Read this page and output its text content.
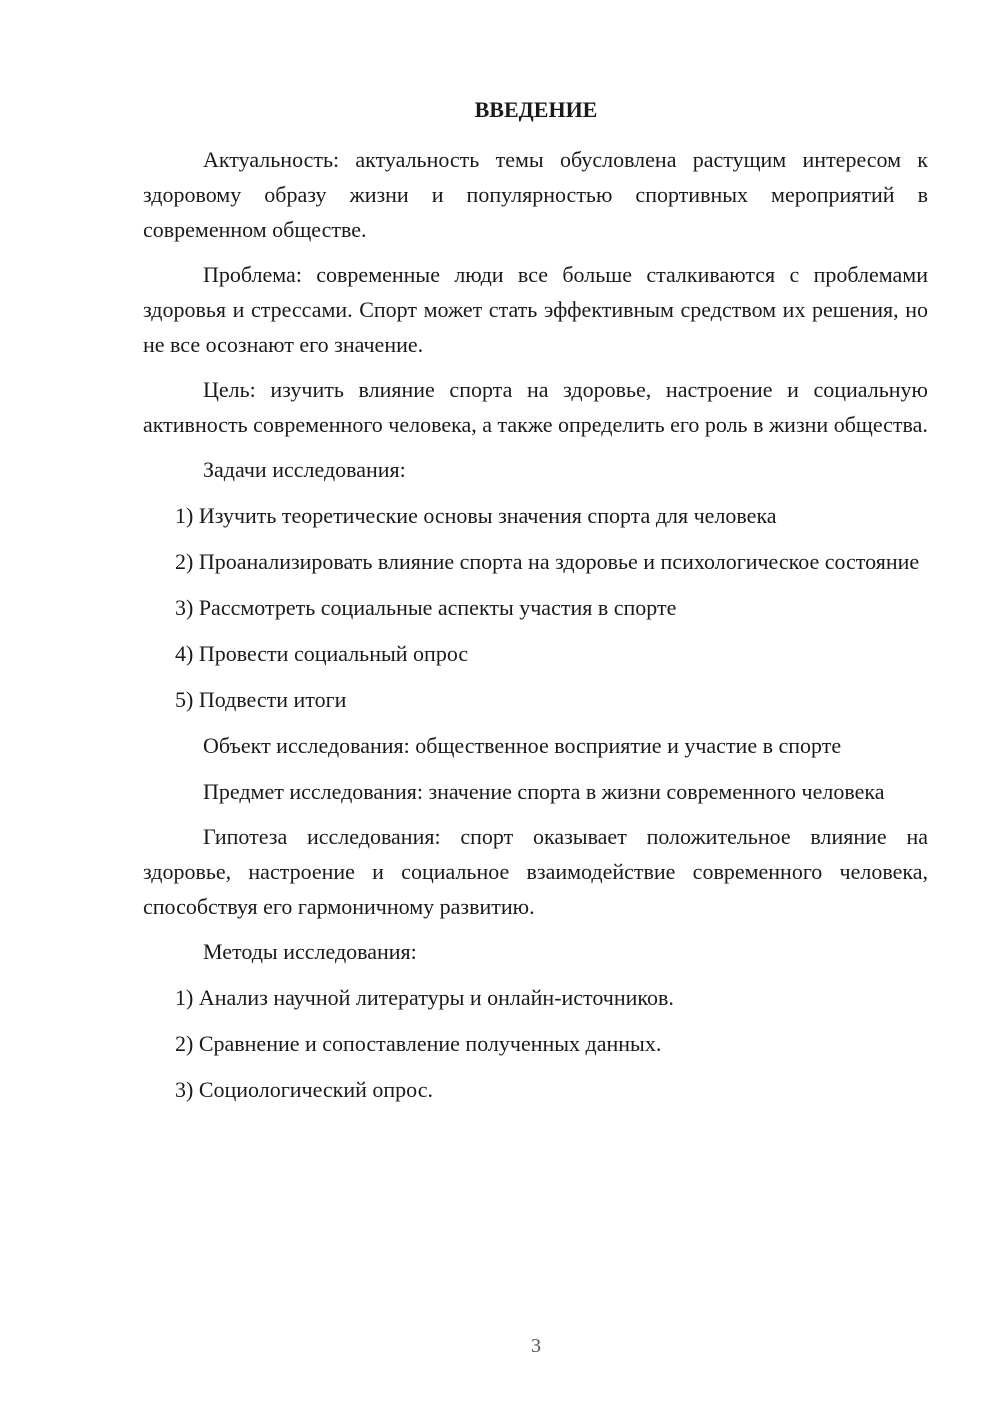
ВВЕДЕНИЕ

Актуальность: актуальность темы обусловлена растущим интересом к здоровому образу жизни и популярностью спортивных мероприятий в современном обществе.

Проблема: современные люди все больше сталкиваются с проблемами здоровья и стрессами. Спорт может стать эффективным средством их решения, но не все осознают его значение.

Цель: изучить влияние спорта на здоровье, настроение и социальную активность современного человека, а также определить его роль в жизни общества.

Задачи исследования:

1) Изучить теоретические основы значения спорта для человека

2) Проанализировать влияние спорта на здоровье и психологическое состояние

3) Рассмотреть социальные аспекты участия в спорте

4) Провести социальный опрос

5) Подвести итоги

Объект исследования: общественное восприятие и участие в спорте

Предмет исследования: значение спорта в жизни современного человека

Гипотеза исследования: спорт оказывает положительное влияние на здоровье, настроение и социальное взаимодействие современного человека, способствуя его гармоничному развитию.

Методы исследования:

1) Анализ научной литературы и онлайн-источников.

2) Сравнение и сопоставление полученных данных.

3) Социологический опрос.

3
